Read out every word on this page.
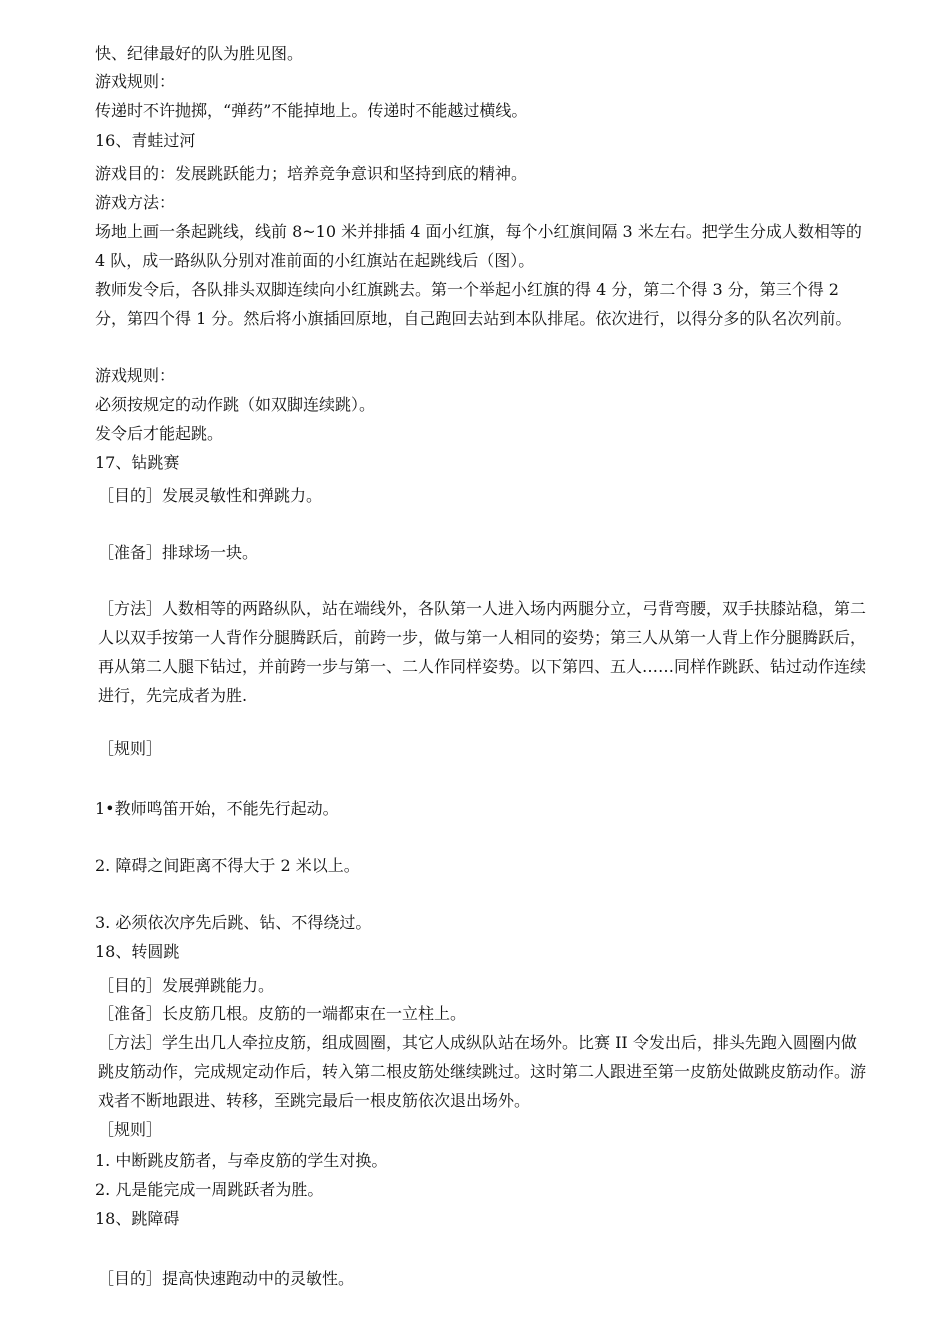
快、纪律最好的队为胜见图。
游戏规则：
传递时不许抛掷，“弹药”不能掉地上。传递时不能越过横线。
16、青蛙过河
游戏目的：发展跳跃能力；培养竞争意识和坚持到底的精神。
游戏方法：
场地上画一条起跳线，线前 8~10 米并排插 4 面小红旗，每个小红旗间隔 3 米左右。把学生分成人数相等的 4 队，成一路纵队分别对准前面的小红旗站在起跳线后（图）。
教师发令后，各队排头双脚连续向小红旗跳去。第一个举起小红旗的得 4 分，第二个得 3 分，第三个得 2 分，第四个得 1 分。然后将小旗插回原地，自己跑回去站到本队排尾。依次进行，以得分多的队名次列前。
游戏规则：
必须按规定的动作跳（如双脚连续跳）。
发令后才能起跳。
17、钻跳赛
［目的］发展灵敏性和弹跳力。
［准备］排球场一块。
［方法］人数相等的两路纵队，站在端线外，各队第一人进入场内两腿分立，弓背弯腰，双手扶膝站稳，第二人以双手按第一人背作分腿腾跃后，前跨一步，做与第一人相同的姿势；第三人从第一人背上作分腿腾跃后，再从第二人腿下钻过，并前跨一步与第一、二人作同样姿势。以下第四、五人……同样作跳跃、钻过动作连续进行，先完成者为胜.
［规则］
1•教师鸣笛开始，不能先行起动。
2. 障碍之间距离不得大于 2 米以上。
3. 必须依次序先后跳、钻、不得绕过。
18、转圆跳
［目的］发展弹跳能力。
［准备］长皮筋几根。皮筋的一端都束在一立柱上。
［方法］学生出几人牵拉皮筋，组成圆圈，其它人成纵队站在场外。比赛 II 令发出后，排头先跑入圆圈内做跳皮筋动作，完成规定动作后，转入第二根皮筋处继续跳过。这时第二人跟进至第一皮筋处做跳皮筋动作。游戏者不断地跟进、转移，至跳完最后一根皮筋依次退出场外。
［规则］
1. 中断跳皮筋者，与牵皮筋的学生对换。
2. 凡是能完成一周跳跃者为胜。
18、跳障碍
［目的］提高快速跑动中的灵敏性。
